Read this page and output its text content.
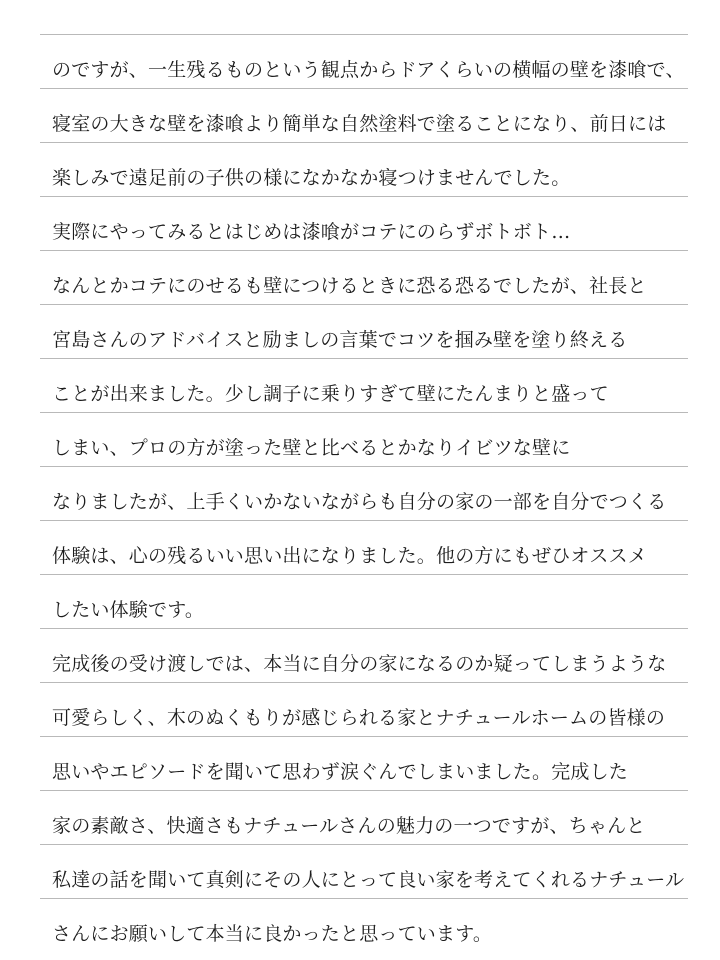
のですが、一生残るものという観点からドアくらいの横幅の壁を漆喰で、
寝室の大きな壁を漆喰より簡単な自然塗料で塗ることになり、前日には
楽しみで遠足前の子供の様になかなか寝つけませんでした。
実際にやってみるとはじめは漆喰がコテにのらずボトボト…
なんとかコテにのせるも壁につけるときに恐る恐るでしたが、社長と
宮島さんのアドバイスと励ましの言葉でコツを掴み壁を塗り終える
ことが出来ました。少し調子に乗りすぎて壁にたんまりと盛って
しまい、プロの方が塗った壁と比べるとかなりイビツな壁に
なりましたが、上手くいかないながらも自分の家の一部を自分でつくる
体験は、心の残るいい思い出になりました。他の方にもぜひオススメ
したい体験です。
完成後の受け渡しでは、本当に自分の家になるのか疑ってしまうような
可愛らしく、木のぬくもりが感じられる家とナチュールホームの皆様の
思いやエピソードを聞いて思わず涙ぐんでしまいました。完成した
家の素敵さ、快適さもナチュールさんの魅力の一つですが、ちゃんと
私達の話を聞いて真剣にその人にとって良い家を考えてくれるナチュール
さんにお願いして本当に良かったと思っています。
